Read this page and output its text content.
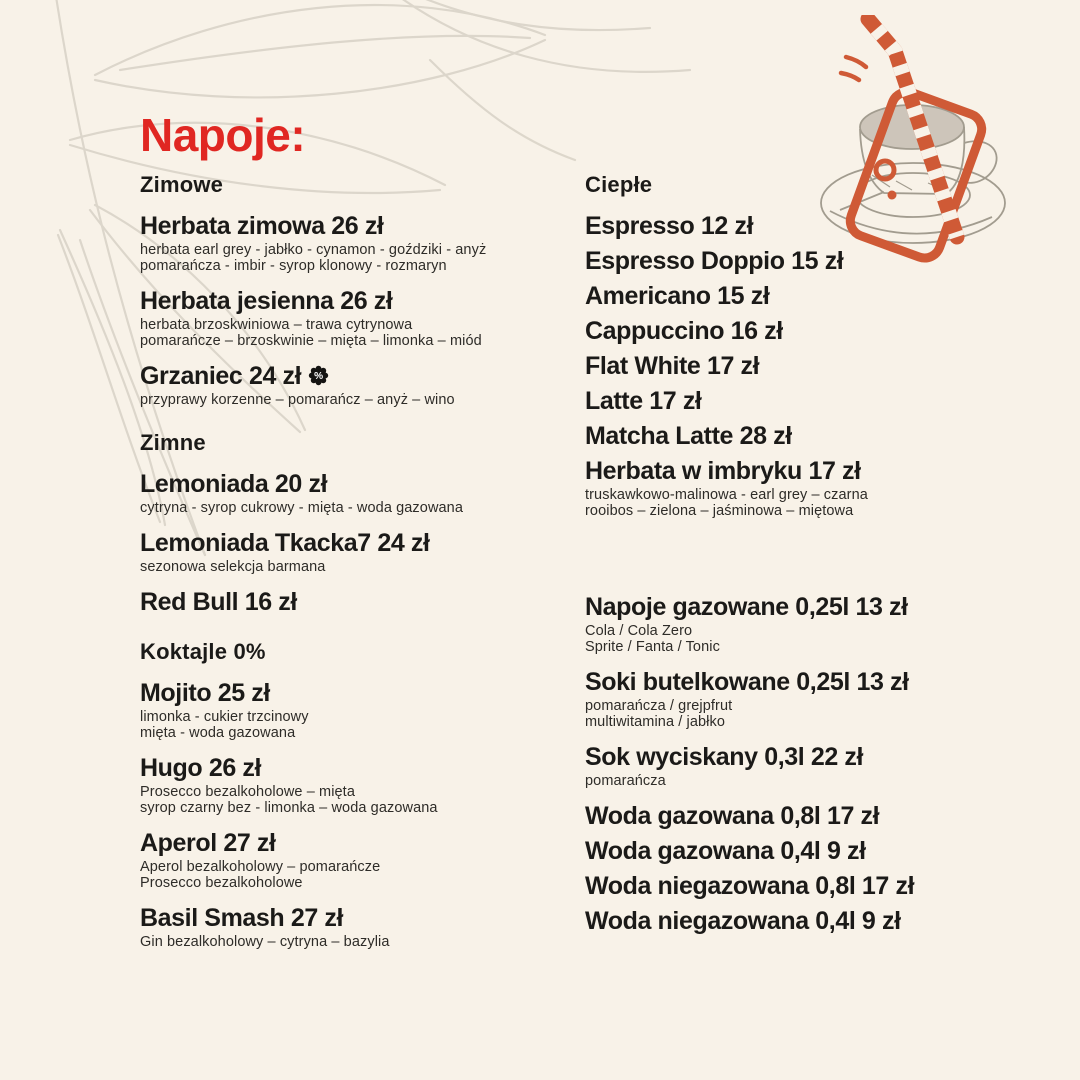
Napoje:
Zimowe
Herbata zimowa 26 zł

herbata earl grey - jabłko - cynamon - goździki - anyż

pomarańcza - imbir - syrop klonowy - rozmaryn

Herbata jesienna 26 zł

herbata brzoskwiniowa – trawa cytrynowa

pomarańcze – brzoskwinie – mięta – limonka – miód

Grzaniec 24 zł %

przyprawy korzenne – pomarańcz – anyż – wino

Zimne
Lemoniada 20 zł

cytryna - syrop cukrowy - mięta - woda gazowana

Lemoniada Tkacka7 24 zł

sezonowa selekcja barmana

Red Bull 16 zł
Koktajle 0%
Mojito 25 zł

limonka - cukier trzcinowy

mięta - woda gazowana

Hugo 26 zł

Prosecco bezalkoholowe – mięta

syrop czarny bez - limonka – woda gazowana

Aperol 27 zł

Aperol bezalkoholowy – pomarańcze

Prosecco bezalkoholowe

Basil Smash 27 zł

Gin bezalkoholowy – cytryna – bazylia

Ciepłe
Espresso 12 zł
Espresso Doppio 15 zł
Americano 15 zł
Cappuccino 16 zł
Flat White 17 zł
Latte 17 zł
Matcha Latte 28 zł
Herbata w imbryku 17 zł

truskawkowo-malinowa - earl grey – czarna

rooibos – zielona – jaśminowa – miętowa

Napoje gazowane 0,25l 13 zł

Cola / Cola Zero

Sprite / Fanta / Tonic

Soki butelkowane 0,25l 13 zł

pomarańcza / grejpfrut

multiwitamina / jabłko

Sok wyciskany 0,3l 22 zł

pomarańcza

Woda gazowana 0,8l 17 zł
Woda gazowana 0,4l 9 zł
Woda niegazowana 0,8l 17 zł
Woda niegazowana 0,4l 9 zł
